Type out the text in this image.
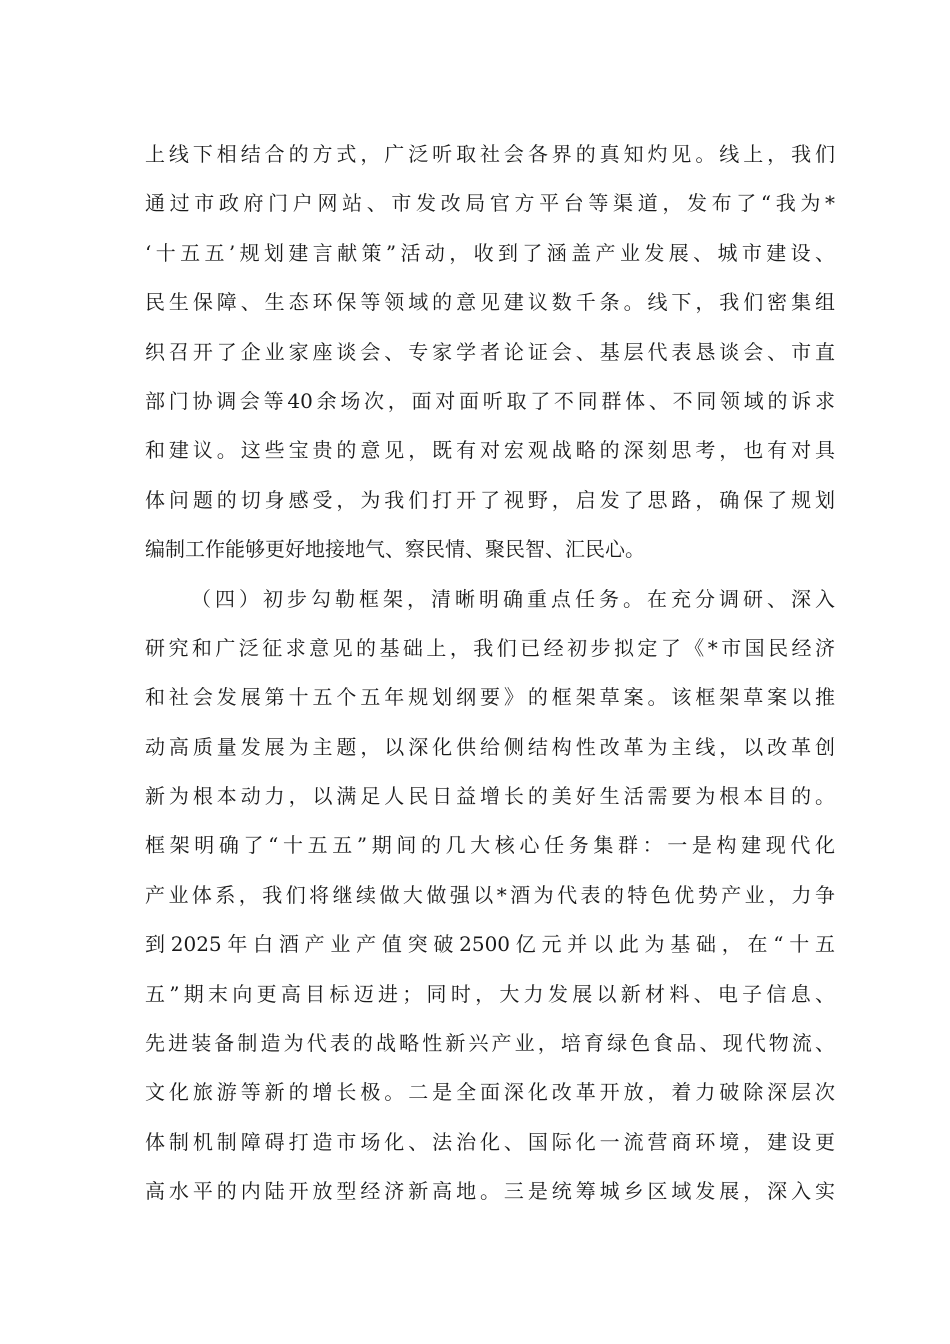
上线下相结合的方式，广泛听取社会各界的真知灼见。线上，我们
通过市政府门户网站、市发改局官方平台等渠道，发布了“我为*
‘十五五’规划建言献策”活动，收到了涵盖产业发展、城市建设、
民生保障、生态环保等领域的意见建议数千条。线下，我们密集组
织召开了企业家座谈会、专家学者论证会、基层代表恳谈会、市直
部门协调会等40余场次，面对面听取了不同群体、不同领域的诉求
和建议。这些宝贵的意见，既有对宏观战略的深刻思考，也有对具
体问题的切身感受，为我们打开了视野，启发了思路，确保了规划
编制工作能够更好地接地气、察民情、聚民智、汇民心。
（四）初步勾勒框架，清晰明确重点任务。在充分调研、深入
研究和广泛征求意见的基础上，我们已经初步拟定了《*市国民经济
和社会发展第十五个五年规划纲要》的框架草案。该框架草案以推
动高质量发展为主题，以深化供给侧结构性改革为主线，以改革创
新为根本动力，以满足人民日益增长的美好生活需要为根本目的。
框架明确了“十五五”期间的几大核心任务集群：一是构建现代化
产业体系，我们将继续做大做强以*酒为代表的特色优势产业，力争
到2025年白酒产业产值突破2500亿元并以此为基础，在“十五
五”期末向更高目标迈进；同时，大力发展以新材料、电子信息、
先进装备制造为代表的战略性新兴产业，培育绿色食品、现代物流、
文化旅游等新的增长极。二是全面深化改革开放，着力破除深层次
体制机制障碍打造市场化、法治化、国际化一流营商环境，建设更
高水平的内陆开放型经济新高地。三是统筹城乡区域发展，深入实
